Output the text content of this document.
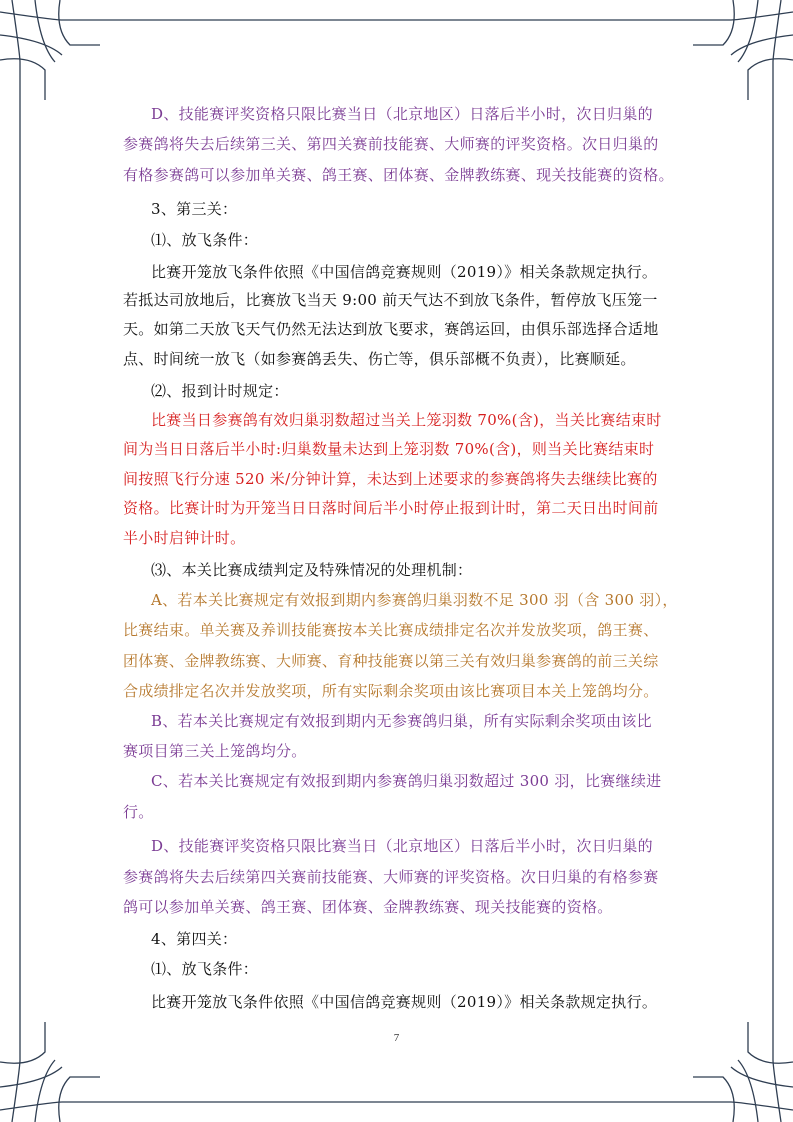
D、技能赛评奖资格只限比赛当日（北京地区）日落后半小时，次日归巢的
参赛鸽将失去后续第三关、第四关赛前技能赛、大师赛的评奖资格。次日归巢的
有格参赛鸽可以参加单关赛、鸽王赛、团体赛、金牌教练赛、现关技能赛的资格。
3、第三关：
⑴、放飞条件：
比赛开笼放飞条件依照《中国信鸽竞赛规则（2019）》相关条款规定执行。
若抵达司放地后，比赛放飞当天 9:00 前天气达不到放飞条件，暂停放飞压笼一
天。如第二天放飞天气仍然无法达到放飞要求，赛鸽运回，由俱乐部选择合适地
点、时间统一放飞（如参赛鸽丢失、伤亡等，俱乐部概不负责），比赛顺延。
⑵、报到计时规定：
比赛当日参赛鸽有效归巢羽数超过当关上笼羽数 70%(含)，当关比赛结束时
间为当日日落后半小时:归巢数量未达到上笼羽数 70%(含)，则当关比赛结束时
间按照飞行分速 520 米/分钟计算，未达到上述要求的参赛鸽将失去继续比赛的
资格。比赛计时为开笼当日日落时间后半小时停止报到计时，第二天日出时间前
半小时启钟计时。
⑶、本关比赛成绩判定及特殊情况的处理机制：
A、若本关比赛规定有效报到期内参赛鸽归巢羽数不足 300 羽（含 300 羽），
比赛结束。单关赛及养训技能赛按本关比赛成绩排定名次并发放奖项，鸽王赛、
团体赛、金牌教练赛、大师赛、育种技能赛以第三关有效归巢参赛鸽的前三关综
合成绩排定名次并发放奖项，所有实际剩余奖项由该比赛项目本关上笼鸽均分。
B、若本关比赛规定有效报到期内无参赛鸽归巢，所有实际剩余奖项由该比
赛项目第三关上笼鸽均分。
C、若本关比赛规定有效报到期内参赛鸽归巢羽数超过 300 羽，比赛继续进
行。
D、技能赛评奖资格只限比赛当日（北京地区）日落后半小时，次日归巢的
参赛鸽将失去后续第四关赛前技能赛、大师赛的评奖资格。次日归巢的有格参赛
鸽可以参加单关赛、鸽王赛、团体赛、金牌教练赛、现关技能赛的资格。
4、第四关：
⑴、放飞条件：
比赛开笼放飞条件依照《中国信鸽竞赛规则（2019）》相关条款规定执行。
7
